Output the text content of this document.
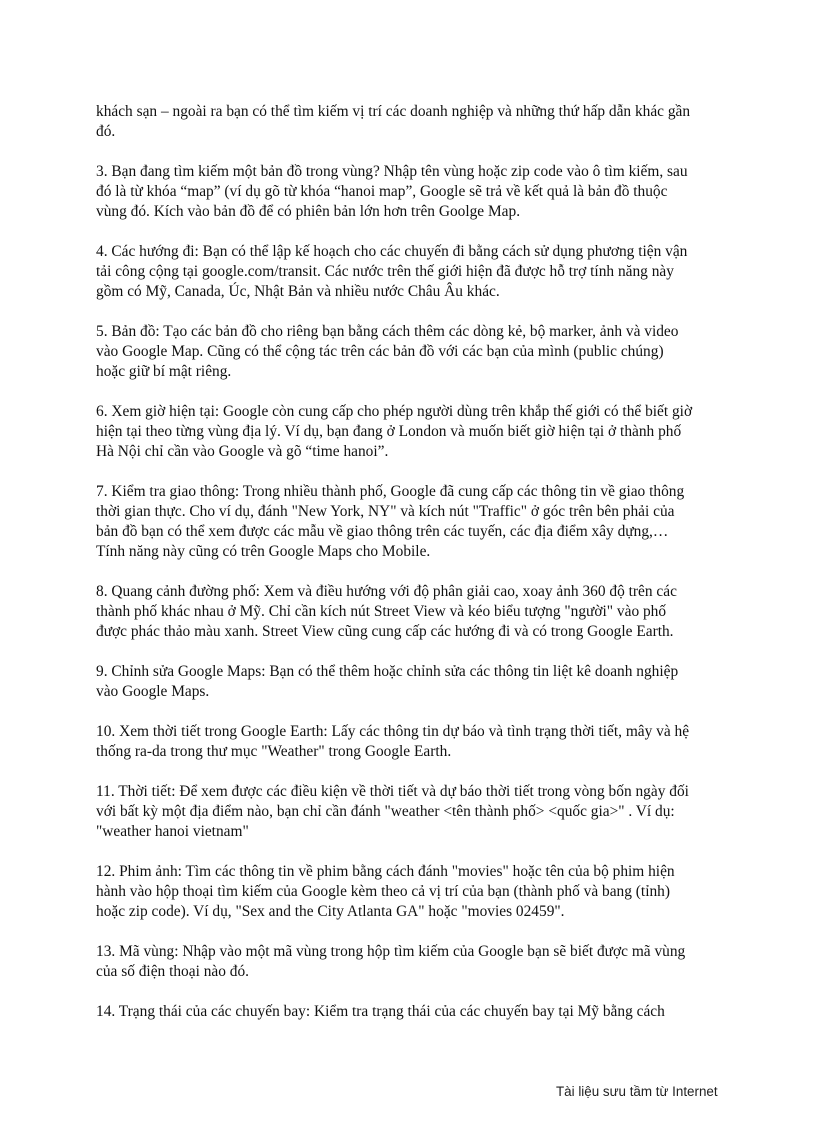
khách sạn – ngoài ra bạn có thể tìm kiếm vị trí các doanh nghiệp và những thứ hấp dẫn khác gần
đó.

3. Bạn đang tìm kiếm một bản đồ trong vùng? Nhập tên vùng hoặc zip code vào ô tìm kiếm, sau
đó là từ khóa “map” (ví dụ gõ từ khóa “hanoi map”, Google sẽ trả về kết quả là bản đồ thuộc
vùng đó. Kích vào bản đồ để có phiên bản lớn hơn trên Goolge Map.

4. Các hướng đi: Bạn có thể lập kế hoạch cho các chuyến đi bằng cách sử dụng phương tiện vận
tải công cộng tại google.com/transit. Các nước trên thế giới hiện đã được hỗ trợ tính năng này
gồm có Mỹ, Canada, Úc, Nhật Bản và nhiều nước Châu Âu khác.

5. Bản đồ: Tạo các bản đồ cho riêng bạn bằng cách thêm các dòng kẻ, bộ marker, ảnh và video
vào Google Map. Cũng có thể cộng tác trên các bản đồ với các bạn của mình (public chúng)
hoặc giữ bí mật riêng.

6. Xem giờ hiện tại: Google còn cung cấp cho phép người dùng trên khắp thế giới có thể biết giờ
hiện tại theo từng vùng địa lý. Ví dụ, bạn đang ở London và muốn biết giờ hiện tại ở thành phố
Hà Nội chỉ cần vào Google và gõ “time hanoi”.

7. Kiểm tra giao thông: Trong nhiều thành phố, Google đã cung cấp các thông tin về giao thông
thời gian thực. Cho ví dụ, đánh "New York, NY" và kích nút "Traffic" ở góc trên bên phải của
bản đồ bạn có thể xem được các mẫu về giao thông trên các tuyến, các địa điểm xây dựng,…
Tính năng này cũng có trên Google Maps cho Mobile.

8. Quang cảnh đường phố: Xem và điều hướng với độ phân giải cao, xoay ảnh 360 độ trên các
thành phố khác nhau ở Mỹ. Chỉ cần kích nút Street View và kéo biểu tượng "người" vào phố
được phác thảo màu xanh. Street View cũng cung cấp các hướng đi và có trong Google Earth.

9. Chỉnh sửa Google Maps: Bạn có thể thêm hoặc chỉnh sửa các thông tin liệt kê doanh nghiệp
vào Google Maps.

10. Xem thời tiết trong Google Earth: Lấy các thông tin dự báo và tình trạng thời tiết, mây và hệ
thống ra-da trong thư mục "Weather" trong Google Earth.

11. Thời tiết: Để xem được các điều kiện về thời tiết và dự báo thời tiết trong vòng bốn ngày đối
với bất kỳ một địa điểm nào, bạn chỉ cần đánh "weather <tên thành phố> <quốc gia>" . Ví dụ:
"weather hanoi vietnam"

12. Phim ảnh: Tìm các thông tin về phim bằng cách đánh "movies" hoặc tên của bộ phim hiện
hành vào hộp thoại tìm kiếm của Google kèm theo cả vị trí của bạn (thành phố và bang (tỉnh)
hoặc zip code). Ví dụ, "Sex and the City Atlanta GA" hoặc "movies 02459".

13. Mã vùng: Nhập vào một mã vùng trong hộp tìm kiếm của Google bạn sẽ biết được mã vùng
của số điện thoại nào đó.

14. Trạng thái của các chuyến bay: Kiểm tra trạng thái của các chuyến bay tại Mỹ bằng cách

Tài liệu sưu tầm từ Internet
